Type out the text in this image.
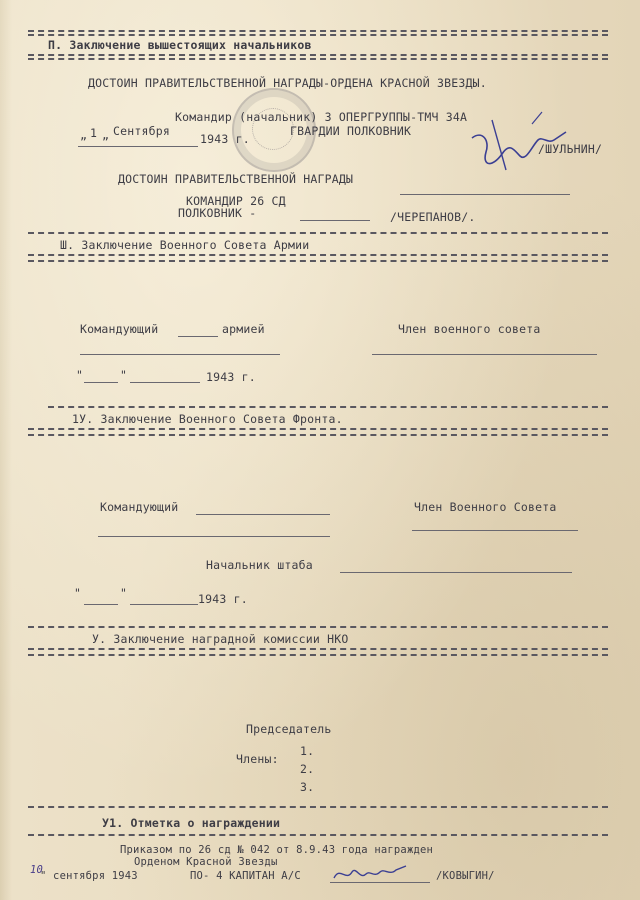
П. Заключение вышестоящих начальников
ДОСТОИН ПРАВИТЕЛЬСТВЕННОЙ НАГРАДЫ-ОРДЕНА КРАСНОЙ ЗВЕЗДЫ.
Командир (начальник) 3 ОПЕРГРУППЫ-ТМЧ 34А
„ 1 „ Сентября
1943 г.
ГВАРДИИ ПОЛКОВНИК
/ШУЛЬНИН/
ДОСТОИН ПРАВИТЕЛЬСТВЕННОЙ НАГРАДЫ
КОМАНДИР 26 СД
ПОЛКОВНИК -	/ЧЕРЕПАНОВ/.
Ш. Заключение Военного Совета Армии
Командующий	армией	Член военного совета
"	"	1943 г.
1У. Заключение Военного Совета Фронта.
Командующий	Член Военного Совета
Начальник штаба
"	"	1943 г.
У. Заключение наградной комиссии НКО
Председатель
Члены:
1.
2.
3.
У1. Отметка о награждении
Приказом по 26 сд № 042 от 8.9.43 года награжден
Орденом Красной Звезды
10
" сентября 1943	ПО- 4 КАПИТАН А/С	/КОВЫГИН/
